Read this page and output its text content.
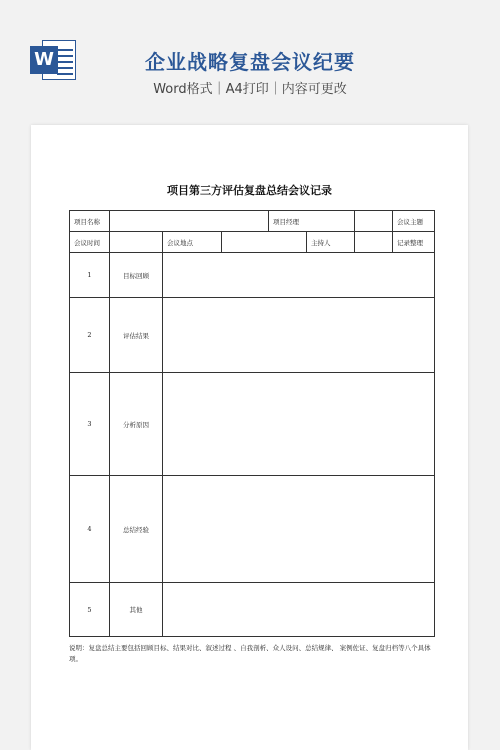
W	企业战略复盘会议纪要
Word格式｜A4打印｜内容可更改
项目第三方评估复盘总结会议记录
项目名称				项目经理			会议主题
会议时间		会议地点			主持人		记录整理
1	目标回顾	
2	评估结果	
3	分析原因	
4	总结经验	
5	其他	
说明：复盘总结主要包括回顾目标、结果对比、叙述过程 、自我剖析、众人设问、总结规律、 案例佐证、复盘归档等八个具体项。
